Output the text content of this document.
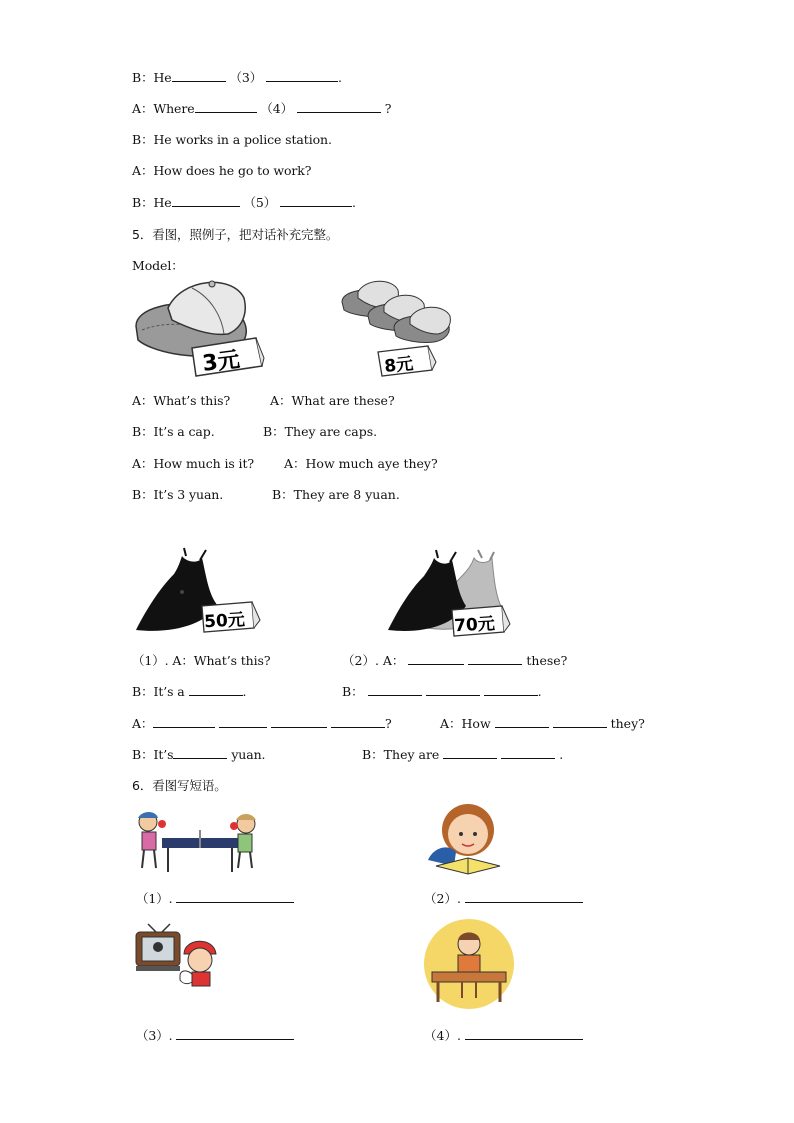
B：He	（3）	.
A：Where	（4）	?
B：He works in a police station.
A：How does he go to work?
B：He	（5）	.
5．看图，照例子，把对话补充完整。
Model：
3元	8元
A：What’s this?	A：What are these?
B：It’s a cap.	B：They are caps.
A：How much is it? A：How much aye they?
B：It’s 3 yuan.	B：They are 8 yuan.
50元	70元
（1）. A：What’s this?
B：It’s a	.
A：	?
B：It’s	yuan.
（2）. A：	these?
B：	.
A：How	they?
B：They are	.
6．看图写短语。
（1）.	（2）.
（3）.	（4）.
